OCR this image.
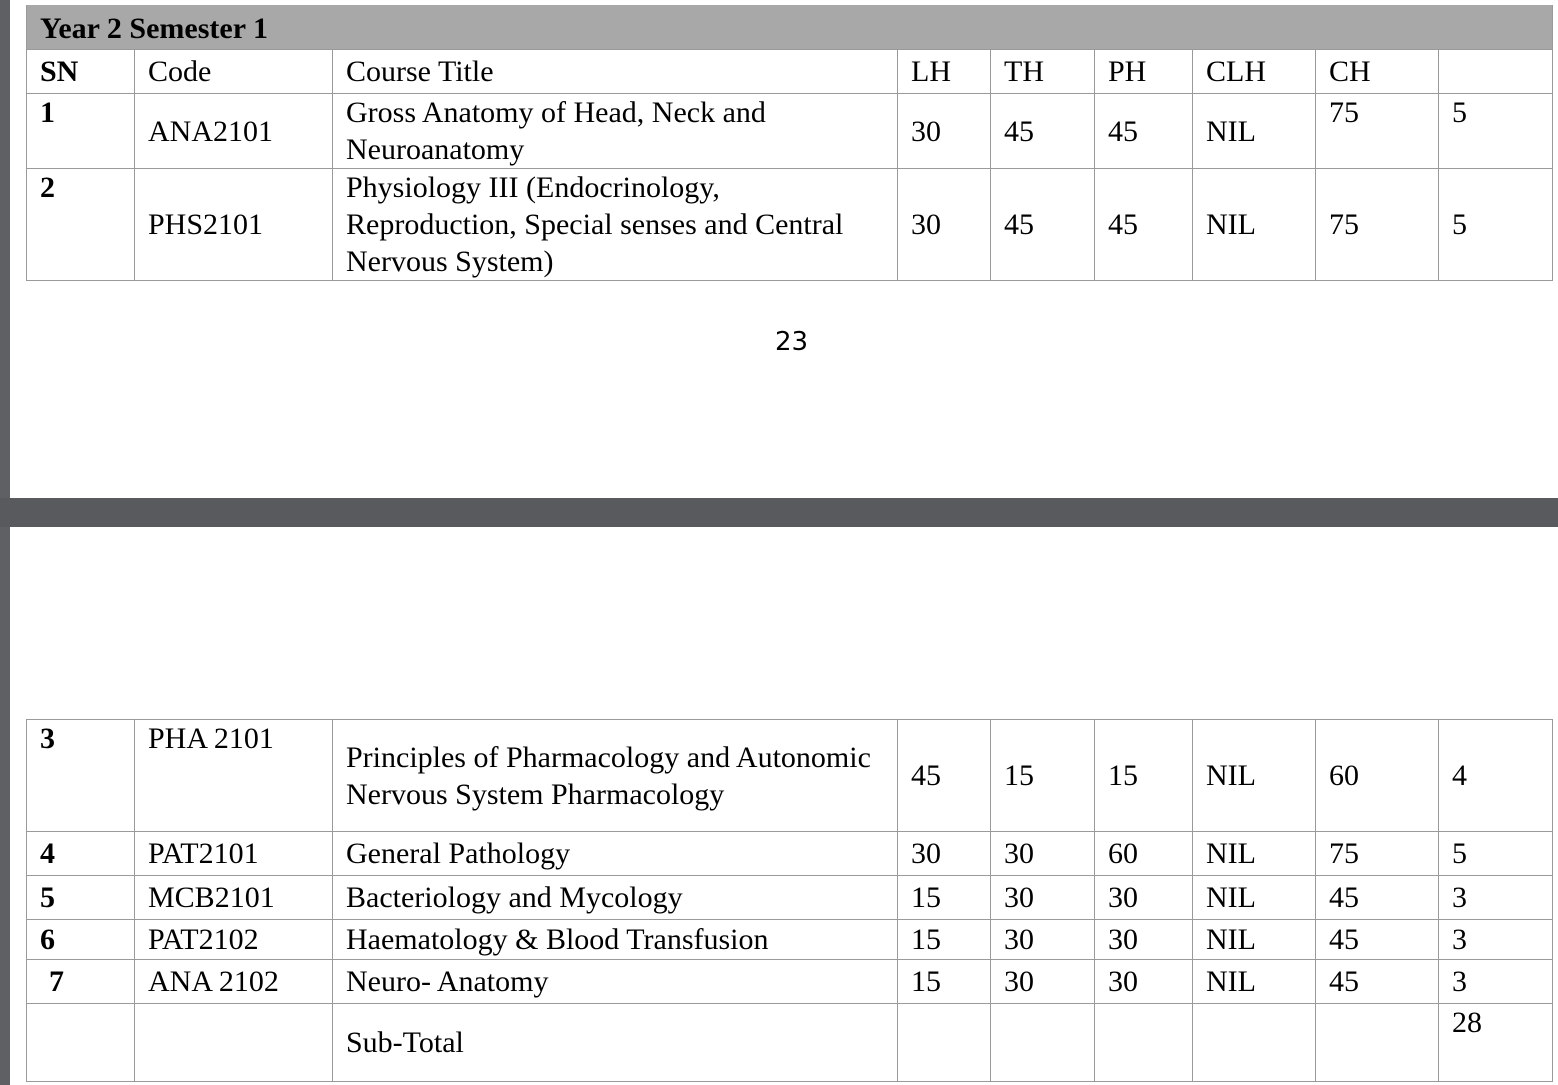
Year 2 Semester 1								
SN	Code	Course Title	LH	TH	PH	CLH	CH	
1	ANA2101	Gross Anatomy of Head, Neck and Neuroanatomy	30	45	45	NIL	75	5
2	PHS2101	Physiology III (Endocrinology, Reproduction, Special senses and Central Nervous System)	30	45	45	NIL	75	5
23
3	PHA 2101	Principles of Pharmacology and Autonomic Nervous System Pharmacology	45	15	15	NIL	60	4
4	PAT2101	General Pathology	30	30	60	NIL	75	5
5	MCB2101	Bacteriology and Mycology	15	30	30	NIL	45	3
6	PAT2102	Haematology & Blood Transfusion	15	30	30	NIL	45	3
7	ANA 2102	Neuro- Anatomy	15	30	30	NIL	45	3
		Sub-Total						28
